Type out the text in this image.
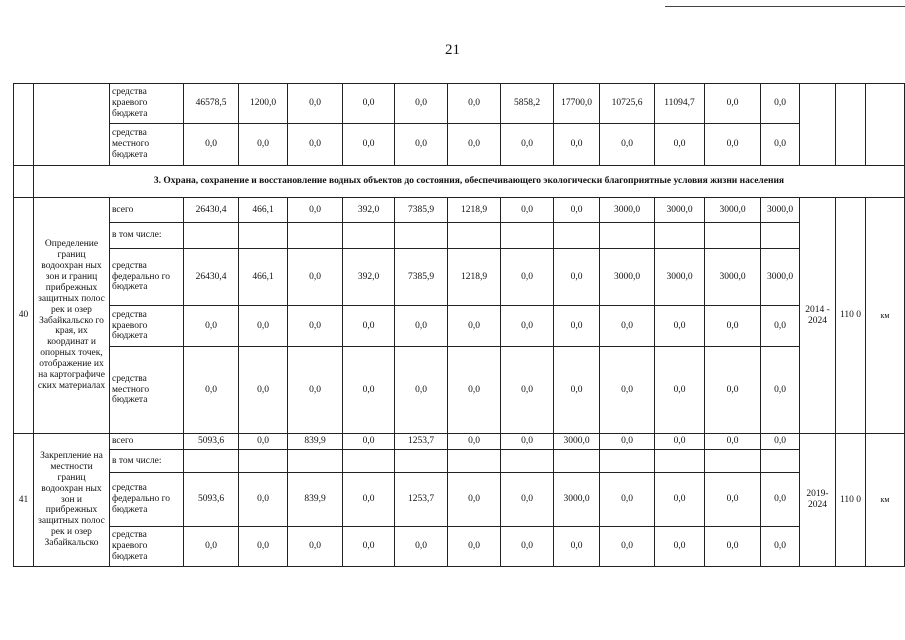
21
		средства краевого бюджета	46578,5	1200,0	0,0	0,0	0,0	0,0	5858,2	17700,0	10725,6	11094,7	0,0	0,0			
		средства местного бюджета	0,0	0,0	0,0	0,0	0,0	0,0	0,0	0,0	0,0	0,0	0,0	0,0			
	3. Охрана, сохранение и восстановление водных объектов до состояния, обеспечивающего экологически благоприятные условия жизни населения																
40	Определение границ водоохран ных зон и границ прибрежных защитных полос рек и озер Забайкальско го края, их координат и опорных точек, отображение их на картографиче ских материалах	всего	26430,4	466,1	0,0	392,0	7385,9	1218,9	0,0	0,0	3000,0	3000,0	3000,0	3000,0	2014 - 2024	110 0	км
		в том числе:															
		средства федерально го бюджета	26430,4	466,1	0,0	392,0	7385,9	1218,9	0,0	0,0	3000,0	3000,0	3000,0	3000,0			
		средства краевого бюджета	0,0	0,0	0,0	0,0	0,0	0,0	0,0	0,0	0,0	0,0	0,0	0,0			
		средства местного бюджета	0,0	0,0	0,0	0,0	0,0	0,0	0,0	0,0	0,0	0,0	0,0	0,0			
41	Закрепление на местности границ водоохран ных зон и прибрежных защитных полос рек и озер Забайкальско	всего	5093,6	0,0	839,9	0,0	1253,7	0,0	0,0	3000,0	0,0	0,0	0,0	0,0	2019- 2024	110 0	км
		в том числе:															
		средства федерально го бюджета	5093,6	0,0	839,9	0,0	1253,7	0,0	0,0	3000,0	0,0	0,0	0,0	0,0			
		средства краевого бюджета	0,0	0,0	0,0	0,0	0,0	0,0	0,0	0,0	0,0	0,0	0,0	0,0			
